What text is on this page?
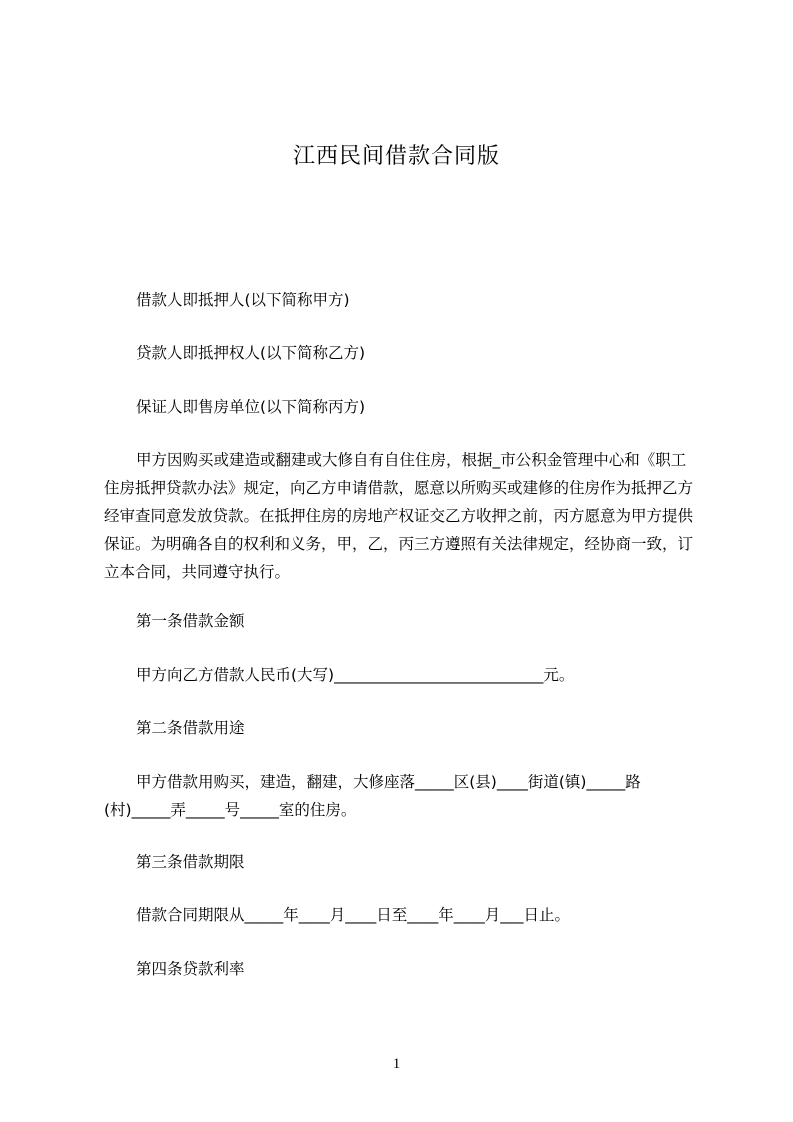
江西民间借款合同版

借款人即抵押人(以下简称甲方)

贷款人即抵押权人(以下简称乙方)

保证人即售房单位(以下简称丙方)

甲方因购买或建造或翻建或大修自有自住住房，根据_市公积金管理中心和《职工住房抵押贷款办法》规定，向乙方申请借款，愿意以所购买或建修的住房作为抵押乙方经审查同意发放贷款。在抵押住房的房地产权证交乙方收押之前，丙方愿意为甲方提供保证。为明确各自的权利和义务，甲，乙，丙三方遵照有关法律规定，经协商一致，订立本合同，共同遵守执行。

第一条借款金额

甲方向乙方借款人民币(大写)___________________________元。

第二条借款用途

甲方借款用购买，建造，翻建，大修座落_____区(县)____街道(镇)_____路(村)_____弄_____号_____室的住房。

第三条借款期限

借款合同期限从_____年____月____日至____年____月___日止。

第四条贷款利率

1
